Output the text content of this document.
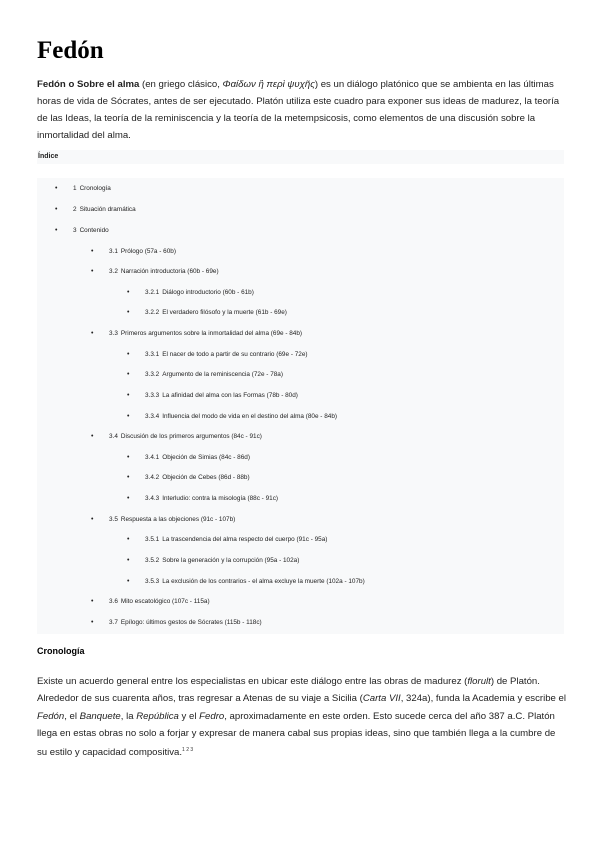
Fedón
Fedón o Sobre el alma (en griego clásico, Φαίδων ἢ περὶ ψυχῆς) es un diálogo platónico que se ambienta en las últimas horas de vida de Sócrates, antes de ser ejecutado. Platón utiliza este cuadro para exponer sus ideas de madurez, la teoría de las Ideas, la teoría de la reminiscencia y la teoría de la metempsicosis, como elementos de una discusión sobre la inmortalidad del alma.
Índice
• 1 Cronología
• 2 Situación dramática
• 3 Contenido
• 3.1 Prólogo (57a - 60b)
• 3.2 Narración introductoria (60b - 69e)
• 3.2.1 Diálogo introductorio (60b - 61b)
• 3.2.2 El verdadero filósofo y la muerte (61b - 69e)
• 3.3 Primeros argumentos sobre la inmortalidad del alma (69e - 84b)
• 3.3.1 El nacer de todo a partir de su contrario (69e - 72e)
• 3.3.2 Argumento de la reminiscencia (72e - 78a)
• 3.3.3 La afinidad del alma con las Formas (78b - 80d)
• 3.3.4 Influencia del modo de vida en el destino del alma (80e - 84b)
• 3.4 Discusión de los primeros argumentos (84c - 91c)
• 3.4.1 Objeción de Simias (84c - 86d)
• 3.4.2 Objeción de Cebes (86d - 88b)
• 3.4.3 Interludio: contra la misología (88c - 91c)
• 3.5 Respuesta a las objeciones (91c - 107b)
• 3.5.1 La trascendencia del alma respecto del cuerpo (91c - 95a)
• 3.5.2 Sobre la generación y la corrupción (95a - 102a)
• 3.5.3 La exclusión de los contrarios - el alma excluye la muerte (102a - 107b)
• 3.6 Mito escatológico (107c - 115a)
• 3.7 Epílogo: últimos gestos de Sócrates (115b - 118c)
Cronología
Existe un acuerdo general entre los especialistas en ubicar este diálogo entre las obras de madurez (florult) de Platón. Alrededor de sus cuarenta años, tras regresar a Atenas de su viaje a Sicilia (Carta VII, 324a), funda la Academia y escribe el Fedón, el Banquete, la República y el Fedro, aproximadamente en este orden. Esto sucede cerca del año 387 a.C. Platón llega en estas obras no solo a forjar y expresar de manera cabal sus propias ideas, sino que también llega a la cumbre de su estilo y capacidad compositiva.$^{1 2 3}$
